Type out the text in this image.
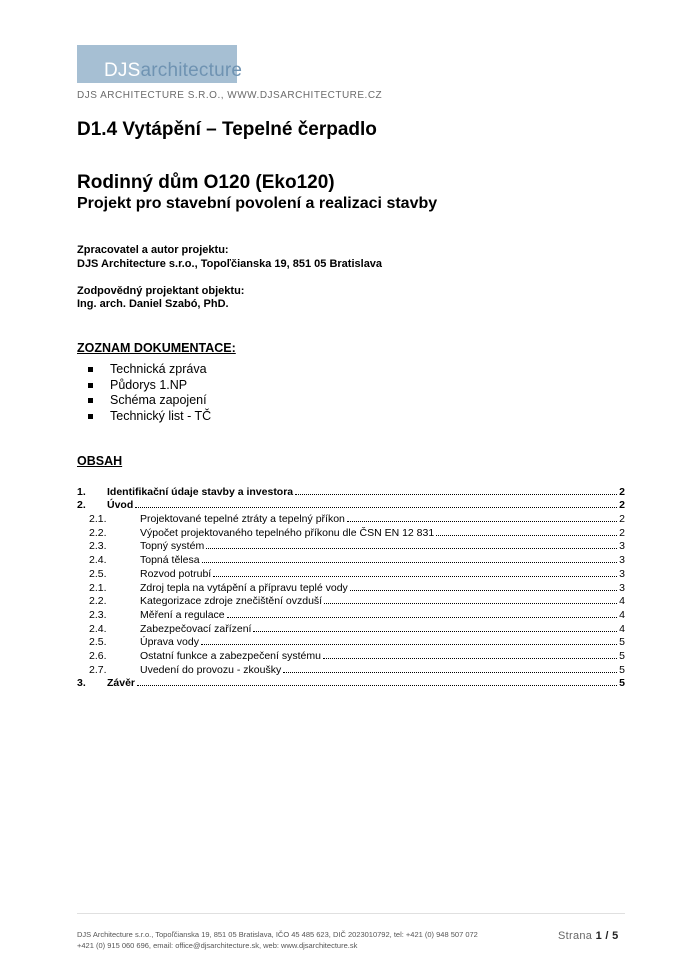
DJSarchitecture
DJS ARCHITECTURE S.R.O., WWW.DJSARCHITECTURE.CZ
D1.4 Vytápění – Tepelné čerpadlo
Rodinný dům O120 (Eko120)
Projekt pro stavební povolení a realizaci stavby
Zpracovatel a autor projektu:
DJS Architecture s.r.o., Topoľčianska 19, 851 05 Bratislava
Zodpovědný projektant objektu:
Ing. arch. Daniel Szabó, PhD.
ZOZNAM DOKUMENTACE:
Technická zpráva
Půdorys 1.NP
Schéma zapojení
Technický list - TČ
OBSAH
1.	Identifikační údaje stavby a investora	2
2.	Úvod	2
2.1.	Projektované tepelné ztráty a tepelný příkon	2
2.2.	Výpočet projektovaného tepelného příkonu dle ČSN EN 12 831	2
2.3.	Topný systém	3
2.4.	Topná tělesa	3
2.5.	Rozvod potrubí	3
2.1.	Zdroj tepla na vytápění a přípravu teplé vody	3
2.2.	Kategorizace zdroje znečištění ovzduší	4
2.3.	Měření a regulace	4
2.4.	Zabezpečovací zařízení	4
2.5.	Úprava vody	5
2.6.	Ostatní funkce a zabezpečení systému	5
2.7.	Uvedení do provozu - zkoušky	5
3.	Závěr	5
DJS Architecture s.r.o., Topoľčianska 19, 851 05 Bratislava, IČO 45 485 623, DIČ 2023010792, tel: +421 (0) 948 507 072
+421 (0) 915 060 696, email: office@djsarchitecture.sk, web: www.djsarchitecture.sk
Strana 1 / 5
